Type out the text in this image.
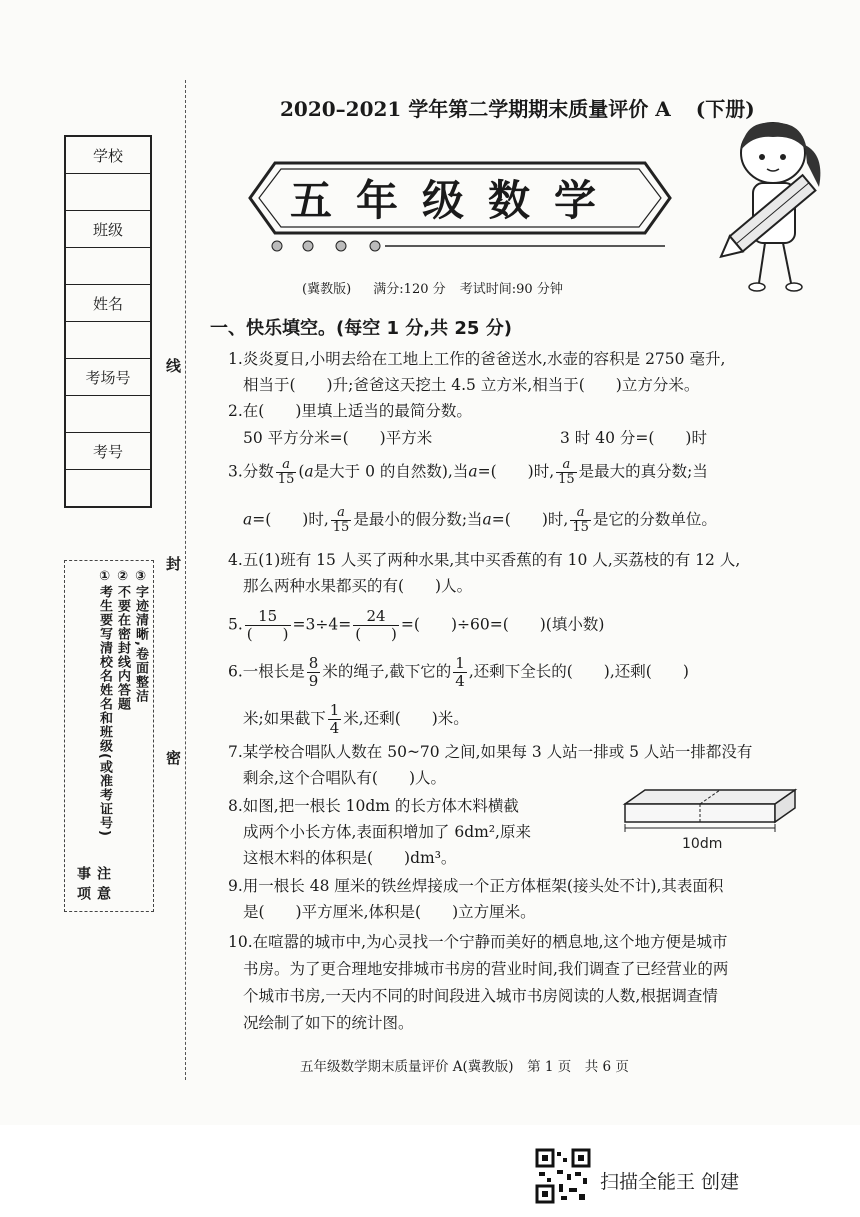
学校

班级

姓名

考场号

考号

注意事项
①考生要写清校名姓名和班级(或准考证号) ②不要在密封线内答题 ③字迹清晰,卷面整洁
线
封
密
2020–2021 学年第二学期期末质量评价 A (下册)
五年级数学
(冀教版) 满分:120 分 考试时间:90 分钟
一、快乐填空。(每空 1 分,共 25 分)
1.炎炎夏日,小明去给在工地上工作的爸爸送水,水壶的容积是 2750 毫升,
相当于(　　)升;爸爸这天挖土 4.5 立方米,相当于(　　)立方分米。
2.在(　　)里填上适当的最简分数。
50 平方分米=(　　)平方米	3 时 40 分=(　　)时
3.分数 $\frac{a}{15} (a$是大于 0 的自然数),当a=(　　)时, $\frac{a}{15}$ 是最大的真分数;当
a=(　　)时, $\frac{a}{15}$ 是最小的假分数;当a=(　　)时, $\frac{a}{15}$ 是它的分数单位。
4.五(1)班有 15 人买了两种水果,其中买香蕉的有 10 人,买荔枝的有 12 人,
那么两种水果都买的有(　　)人。
5. $\frac{15}{( )} =3\div 4= \frac{24}{( )}$ =(　　)÷60=(　　)(填小数)
6.一根长是 $\frac{8}{9}$ 米的绳子,截下它的 $\frac{1}{4}$ ,还剩下全长的(　　),还剩(　　)
米;如果截下 $\frac{1}{4}$ 米,还剩(　　)米。
7.某学校合唱队人数在 50~70 之间,如果每 3 人站一排或 5 人站一排都没有
剩余,这个合唱队有(　　)人。
8.如图,把一根长 10dm 的长方体木料横截
成两个小长方体,表面积增加了 6dm²,原来
这根木料的体积是(　　)dm³。
10dm
9.用一根长 48 厘米的铁丝焊接成一个正方体框架(接头处不计),其表面积
是(　　)平方厘米,体积是(　　)立方厘米。
10.在喧嚣的城市中,为心灵找一个宁静而美好的栖息地,这个地方便是城市
书房。为了更合理地安排城市书房的营业时间,我们调查了已经营业的两
个城市书房,一天内不同的时间段进入城市书房阅读的人数,根据调查情
况绘制了如下的统计图。
五年级数学期末质量评价 A(冀教版)　第 1 页　共 6 页
扫描全能王 创建
